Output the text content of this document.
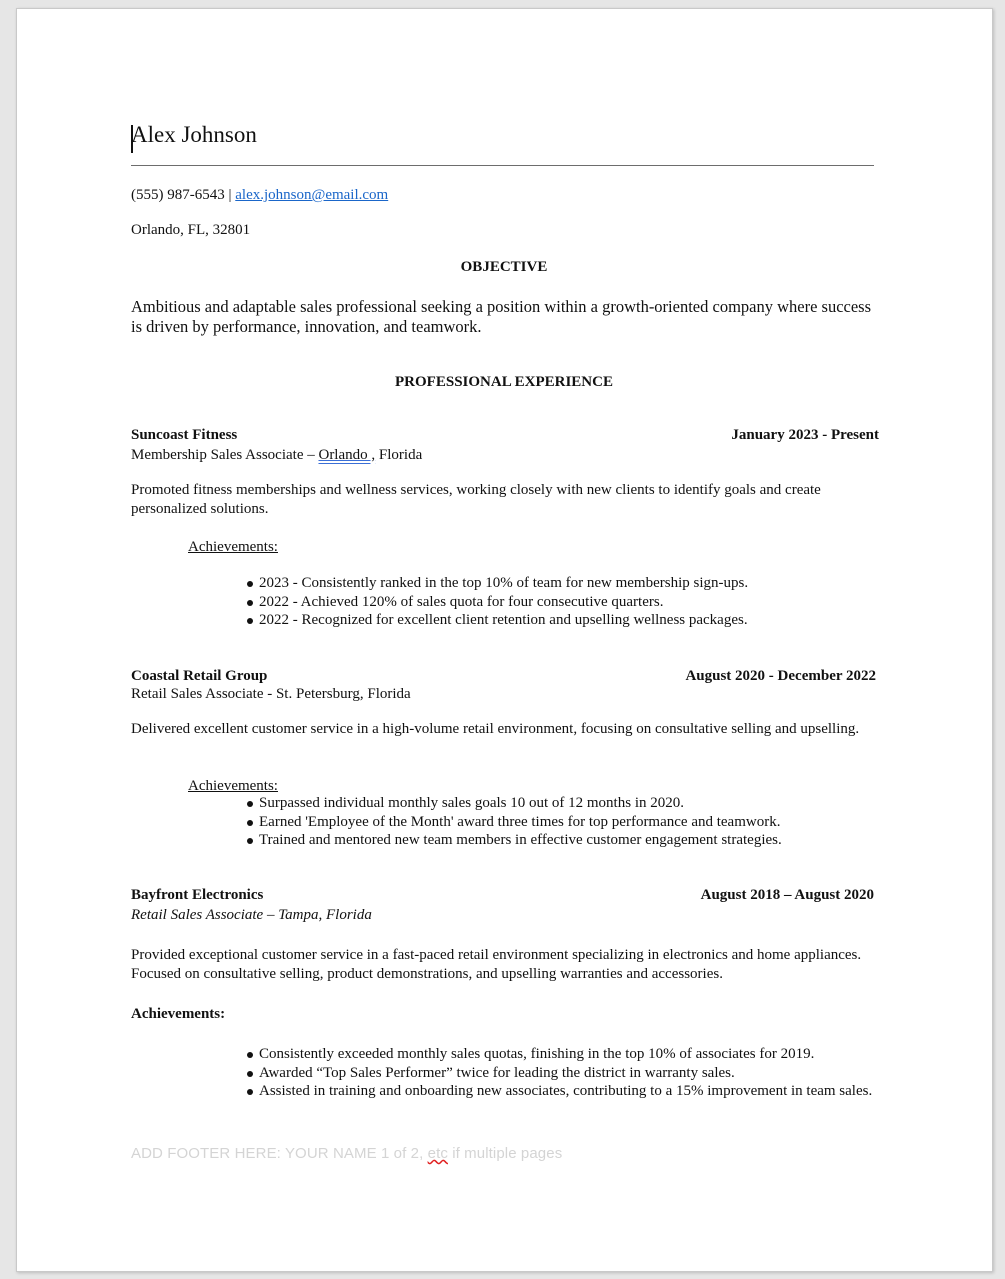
Alex Johnson
(555) 987-6543 | alex.johnson@email.com
Orlando, FL, 32801
OBJECTIVE
Ambitious and adaptable sales professional seeking a position within a growth-oriented company where success is driven by performance, innovation, and teamwork.
PROFESSIONAL EXPERIENCE
Suncoast Fitness	January 2023 - Present
Membership Sales Associate – Orlando , Florida
Promoted fitness memberships and wellness services, working closely with new clients to identify goals and create personalized solutions.
Achievements:
2023 - Consistently ranked in the top 10% of team for new membership sign-ups.
2022 - Achieved 120% of sales quota for four consecutive quarters.
2022 - Recognized for excellent client retention and upselling wellness packages.
Coastal Retail Group	August 2020 - December 2022
Retail Sales Associate - St. Petersburg, Florida
Delivered excellent customer service in a high-volume retail environment, focusing on consultative selling and upselling.
Achievements:
Surpassed individual monthly sales goals 10 out of 12 months in 2020.
Earned 'Employee of the Month' award three times for top performance and teamwork.
Trained and mentored new team members in effective customer engagement strategies.
Bayfront Electronics	August 2018 – August 2020
Retail Sales Associate – Tampa, Florida
Provided exceptional customer service in a fast-paced retail environment specializing in electronics and home appliances. Focused on consultative selling, product demonstrations, and upselling warranties and accessories.
Achievements:
Consistently exceeded monthly sales quotas, finishing in the top 10% of associates for 2019.
Awarded “Top Sales Performer” twice for leading the district in warranty sales.
Assisted in training and onboarding new associates, contributing to a 15% improvement in team sales.
ADD FOOTER HERE: YOUR NAME 1 of 2, etc if multiple pages
